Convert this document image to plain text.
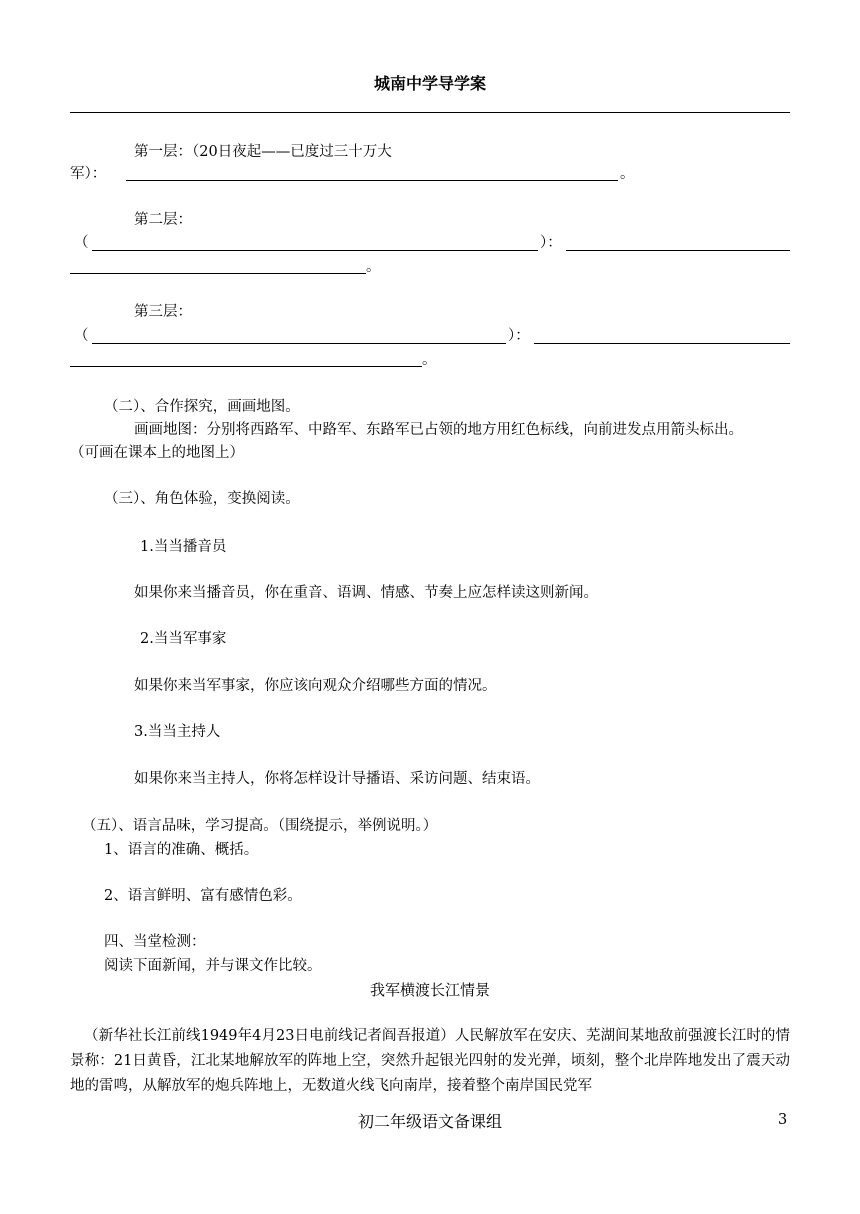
城南中学导学案
第一层：（20日夜起——已度过三十万大
军）：	。
第二层：
（	）：
。
第三层：
（	）：
。
（二）、合作探究，画画地图。
画画地图：分别将西路军、中路军、东路军已占领的地方用红色标线，向前进发点用箭头标出。
（可画在课本上的地图上）
（三）、角色体验，变换阅读。
1.当当播音员
如果你来当播音员，你在重音、语调、情感、节奏上应怎样读这则新闻。
2.当当军事家
如果你来当军事家，你应该向观众介绍哪些方面的情况。
3.当当主持人
如果你来当主持人，你将怎样设计导播语、采访问题、结束语。
（五）、语言品味，学习提高。（围绕提示，举例说明。）
1、语言的准确、概括。
2、语言鲜明、富有感情色彩。
四、当堂检测：
阅读下面新闻，并与课文作比较。
我军横渡长江情景
（新华社长江前线1949年4月23日电前线记者阎吾报道）人民解放军在安庆、芜湖间某地敌前强渡长江时的情景称：21日黄昏，江北某地解放军的阵地上空，突然升起银光四射的发光弹，顷刻，整个北岸阵地发出了震天动地的雷鸣，从解放军的炮兵阵地上，无数道火线飞向南岸，接着整个南岸国民党军
初二年级语文备课组	3
